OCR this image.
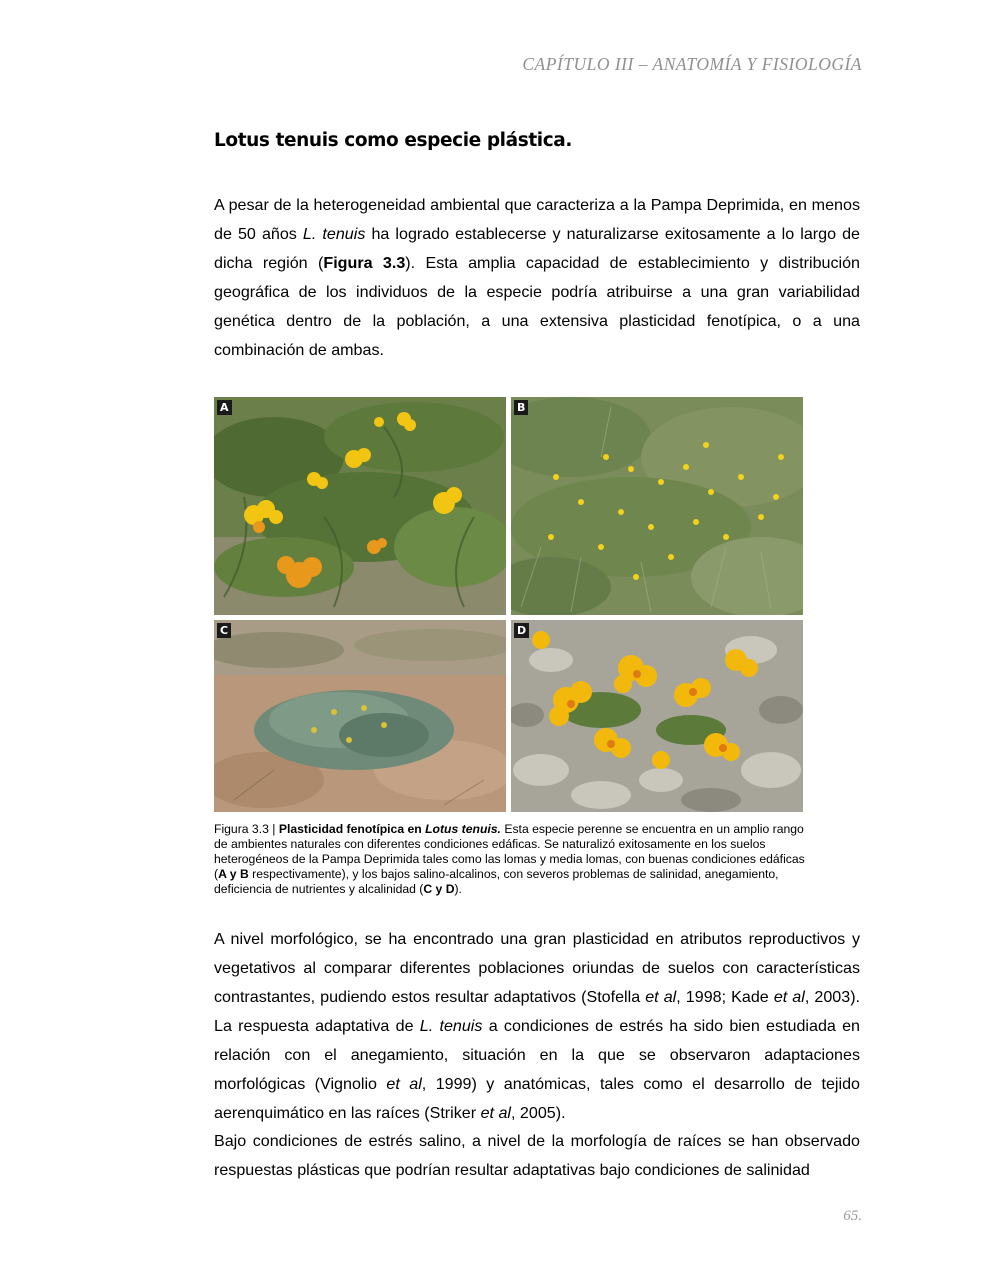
CAPÍTULO III – ANATOMÍA Y FISIOLOGÍA
Lotus tenuis como especie plástica.

A pesar de la heterogeneidad ambiental que caracteriza a la Pampa Deprimida, en menos de 50 años L. tenuis ha logrado establecerse y naturalizarse exitosamente a lo largo de dicha región (Figura 3.3). Esta amplia capacidad de establecimiento y distribución geográfica de los individuos de la especie podría atribuirse a una gran variabilidad genética dentro de la población, a una extensiva plasticidad fenotípica, o a una combinación de ambas.

A	B
C	D

Figura 3.3 | Plasticidad fenotípica en Lotus tenuis. Esta especie perenne se encuentra en un amplio rango de ambientes naturales con diferentes condiciones edáficas. Se naturalizó exitosamente en los suelos heterogéneos de la Pampa Deprimida tales como las lomas y media lomas, con buenas condiciones edáficas (A y B respectivamente), y los bajos salino-alcalinos, con severos problemas de salinidad, anegamiento, deficiencia de nutrientes y alcalinidad (C y D).

A nivel morfológico, se ha encontrado una gran plasticidad en atributos reproductivos y vegetativos al comparar diferentes poblaciones oriundas de suelos con características contrastantes, pudiendo estos resultar adaptativos (Stofella et al, 1998; Kade et al, 2003). La respuesta adaptativa de L. tenuis a condiciones de estrés ha sido bien estudiada en relación con el anegamiento, situación en la que se observaron adaptaciones morfológicas (Vignolio et al, 1999) y anatómicas, tales como el desarrollo de tejido aerenquimático en las raíces (Striker et al, 2005).

Bajo condiciones de estrés salino, a nivel de la morfología de raíces se han observado respuestas plásticas que podrían resultar adaptativas bajo condiciones de salinidad

65.
